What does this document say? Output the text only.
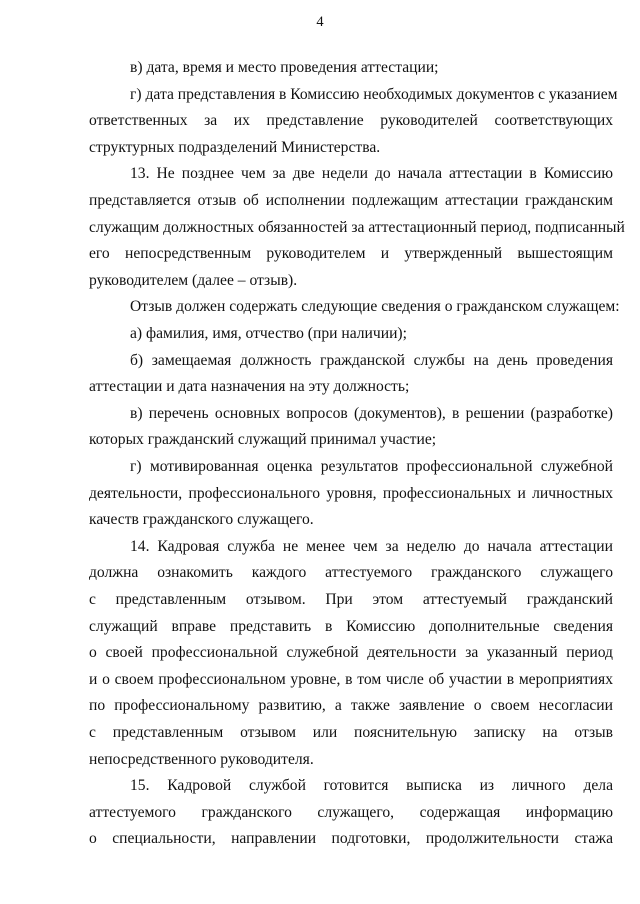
4
в) дата, время и место проведения аттестации;
г) дата представления в Комиссию необходимых документов с указанием
ответственных за их представление руководителей соответствующих
структурных подразделений Министерства.
13. Не позднее чем за две недели до начала аттестации в Комиссию
представляется отзыв об исполнении подлежащим аттестации гражданским
служащим должностных обязанностей за аттестационный период, подписанный
его непосредственным руководителем и утвержденный вышестоящим
руководителем (далее – отзыв).
Отзыв должен содержать следующие сведения о гражданском служащем:
а) фамилия, имя, отчество (при наличии);
б) замещаемая должность гражданской службы на день проведения
аттестации и дата назначения на эту должность;
в) перечень основных вопросов (документов), в решении (разработке)
которых гражданский служащий принимал участие;
г) мотивированная оценка результатов профессиональной служебной
деятельности, профессионального уровня, профессиональных и личностных
качеств гражданского служащего.
14. Кадровая служба не менее чем за неделю до начала аттестации
должна ознакомить каждого аттестуемого гражданского служащего
с представленным отзывом. При этом аттестуемый гражданский
служащий вправе представить в Комиссию дополнительные сведения
о своей профессиональной служебной деятельности за указанный период
и о своем профессиональном уровне, в том числе об участии в мероприятиях
по профессиональному развитию, а также заявление о своем несогласии
с представленным отзывом или пояснительную записку на отзыв
непосредственного руководителя.
15. Кадровой службой готовится выписка из личного дела
аттестуемого гражданского служащего, содержащая информацию
о специальности, направлении подготовки, продолжительности стажа
